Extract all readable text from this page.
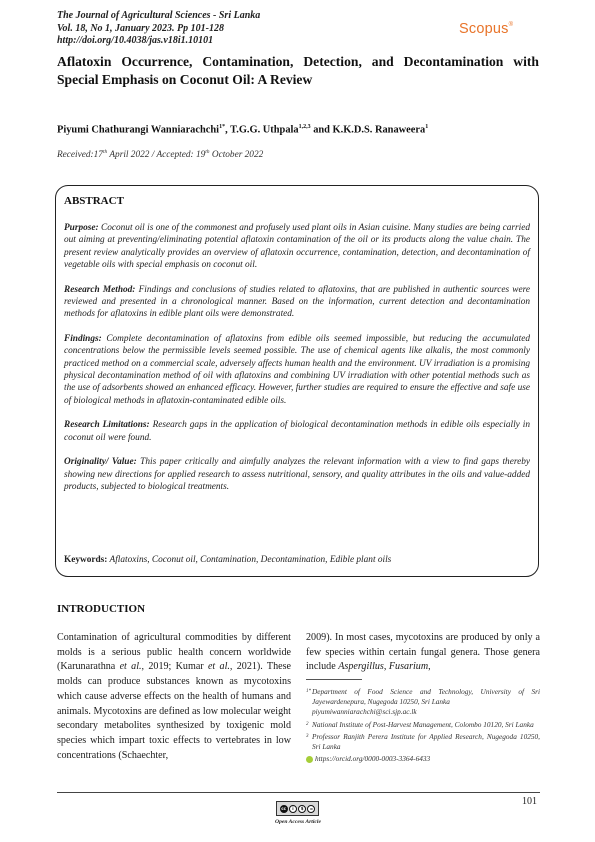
The Journal of Agricultural Sciences - Sri Lanka
Vol. 18, No 1, January 2023. Pp 101-128
http://doi.org/10.4038/jas.v18i1.10101
Scopus®
Aflatoxin Occurrence, Contamination, Detection, and Decontamination with Special Emphasis on Coconut Oil: A Review
Piyumi Chathurangi Wanniarachchi$^{1*}$, T.G.G. Uthpala$^{1,2,3}$ and K.K.D.S. Ranaweera$^1$
Received:17th April 2022 / Accepted: 19th October 2022
ABSTRACT

Purpose: Coconut oil is one of the commonest and profusely used plant oils in Asian cuisine. Many studies are being carried out aiming at preventing/eliminating potential aflatoxin contamination of the oil or its products along the value chain. The present review analytically provides an overview of aflatoxin occurrence, contamination, detection, and decontamination of vegetable oils with special emphasis on coconut oil.

Research Method: Findings and conclusions of studies related to aflatoxins, that are published in authentic sources were reviewed and presented in a chronological manner. Based on the information, current detection and decontamination methods for aflatoxins in edible plant oils were demonstrated.

Findings: Complete decontamination of aflatoxins from edible oils seemed impossible, but reducing the accumulated concentrations below the permissible levels seemed possible. The use of chemical agents like alkalis, the most commonly practiced method on a commercial scale, adversely affects human health and the environment. UV irradiation is a promising physical decontamination method of oil with aflatoxins and combining UV irradiation with other potential methods such as the use of adsorbents showed an enhanced efficacy. However, further studies are required to ensure the effective and safe use of biological methods in aflatoxin-contaminated edible oils.

Research Limitations: Research gaps in the application of biological decontamination methods in edible oils especially in coconut oil were found.

Originality/ Value: This paper critically and aimfully analyzes the relevant information with a view to find gaps thereby showing new directions for applied research to assess nutritional, sensory, and quality attributes in the oils and value-added products, subjected to biological treatments.

Keywords: Aflatoxins, Coconut oil, Contamination, Decontamination, Edible plant oils
INTRODUCTION
Contamination of agricultural commodities by different molds is a serious public health concern worldwide (Karunarathna et al., 2019; Kumar et al., 2021). These molds can produce substances known as mycotoxins which cause adverse effects on the health of humans and animals. Mycotoxins are defined as low molecular weight secondary metabolites synthesized by toxigenic mold species which impart toxic effects to vertebrates in low concentrations (Schaechter,
2009). In most cases, mycotoxins are produced by only a few species within certain fungal genera. Those genera include Aspergillus, Fusarium,
1* Department of Food Science and Technology, University of Sri Jayewardenepura, Nugegoda 10250, Sri Lanka
piyumiwanniarachchi@sci.sjp.ac.lk
2 National Institute of Post-Harvest Management, Colombo 10120, Sri Lanka
3 Professor Ranjith Perera Institute for Applied Research, Nugegoda 10250, Sri Lanka
https://orcid.org/0000-0003-3364-6433
101
cc	i	$	=
Open Access Article
